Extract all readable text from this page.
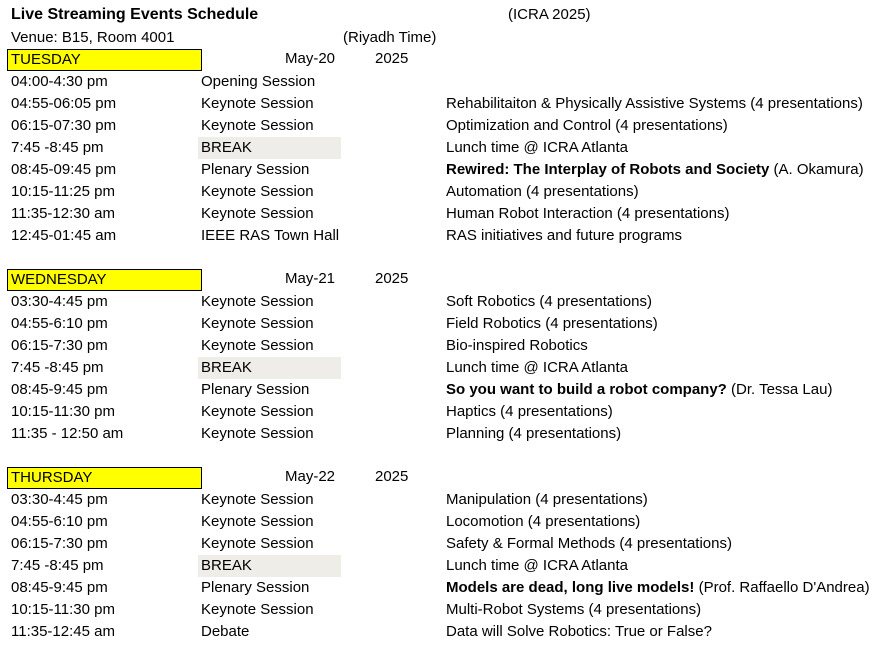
Live Streaming Events Schedule	(ICRA 2025)
Venue: B15, Room 4001	(Riyadh Time)
TUESDAY	May-20	2025
04:00-4:30 pm	Opening Session
04:55-06:05 pm	Keynote Session	Rehabilitaiton & Physically Assistive Systems (4 presentations)
06:15-07:30 pm	Keynote Session	Optimization and Control (4 presentations)
7:45 -8:45 pm	BREAK	Lunch time @ ICRA Atlanta
08:45-09:45 pm	Plenary Session	Rewired: The Interplay of Robots and Society (A. Okamura)
10:15-11:25 pm	Keynote Session	Automation (4 presentations)
11:35-12:30 am	Keynote Session	Human Robot Interaction (4 presentations)
12:45-01:45 am	IEEE RAS Town Hall	RAS initiatives and future programs
WEDNESDAY	May-21	2025
03:30-4:45 pm	Keynote Session	Soft Robotics (4 presentations)
04:55-6:10 pm	Keynote Session	Field Robotics (4 presentations)
06:15-7:30 pm	Keynote Session	Bio-inspired Robotics
7:45 -8:45 pm	BREAK	Lunch time @ ICRA Atlanta
08:45-9:45 pm	Plenary Session	So you want to build a robot company? (Dr. Tessa Lau)
10:15-11:30 pm	Keynote Session	Haptics (4 presentations)
11:35 - 12:50 am	Keynote Session	Planning (4 presentations)
THURSDAY	May-22	2025
03:30-4:45 pm	Keynote Session	Manipulation (4 presentations)
04:55-6:10 pm	Keynote Session	Locomotion (4 presentations)
06:15-7:30 pm	Keynote Session	Safety & Formal Methods (4 presentations)
7:45 -8:45 pm	BREAK	Lunch time @ ICRA Atlanta
08:45-9:45 pm	Plenary Session	Models are dead, long live models! (Prof. Raffaello D'Andrea)
10:15-11:30 pm	Keynote Session	Multi-Robot Systems (4 presentations)
11:35-12:45 am	Debate	Data will Solve Robotics: True or False?
